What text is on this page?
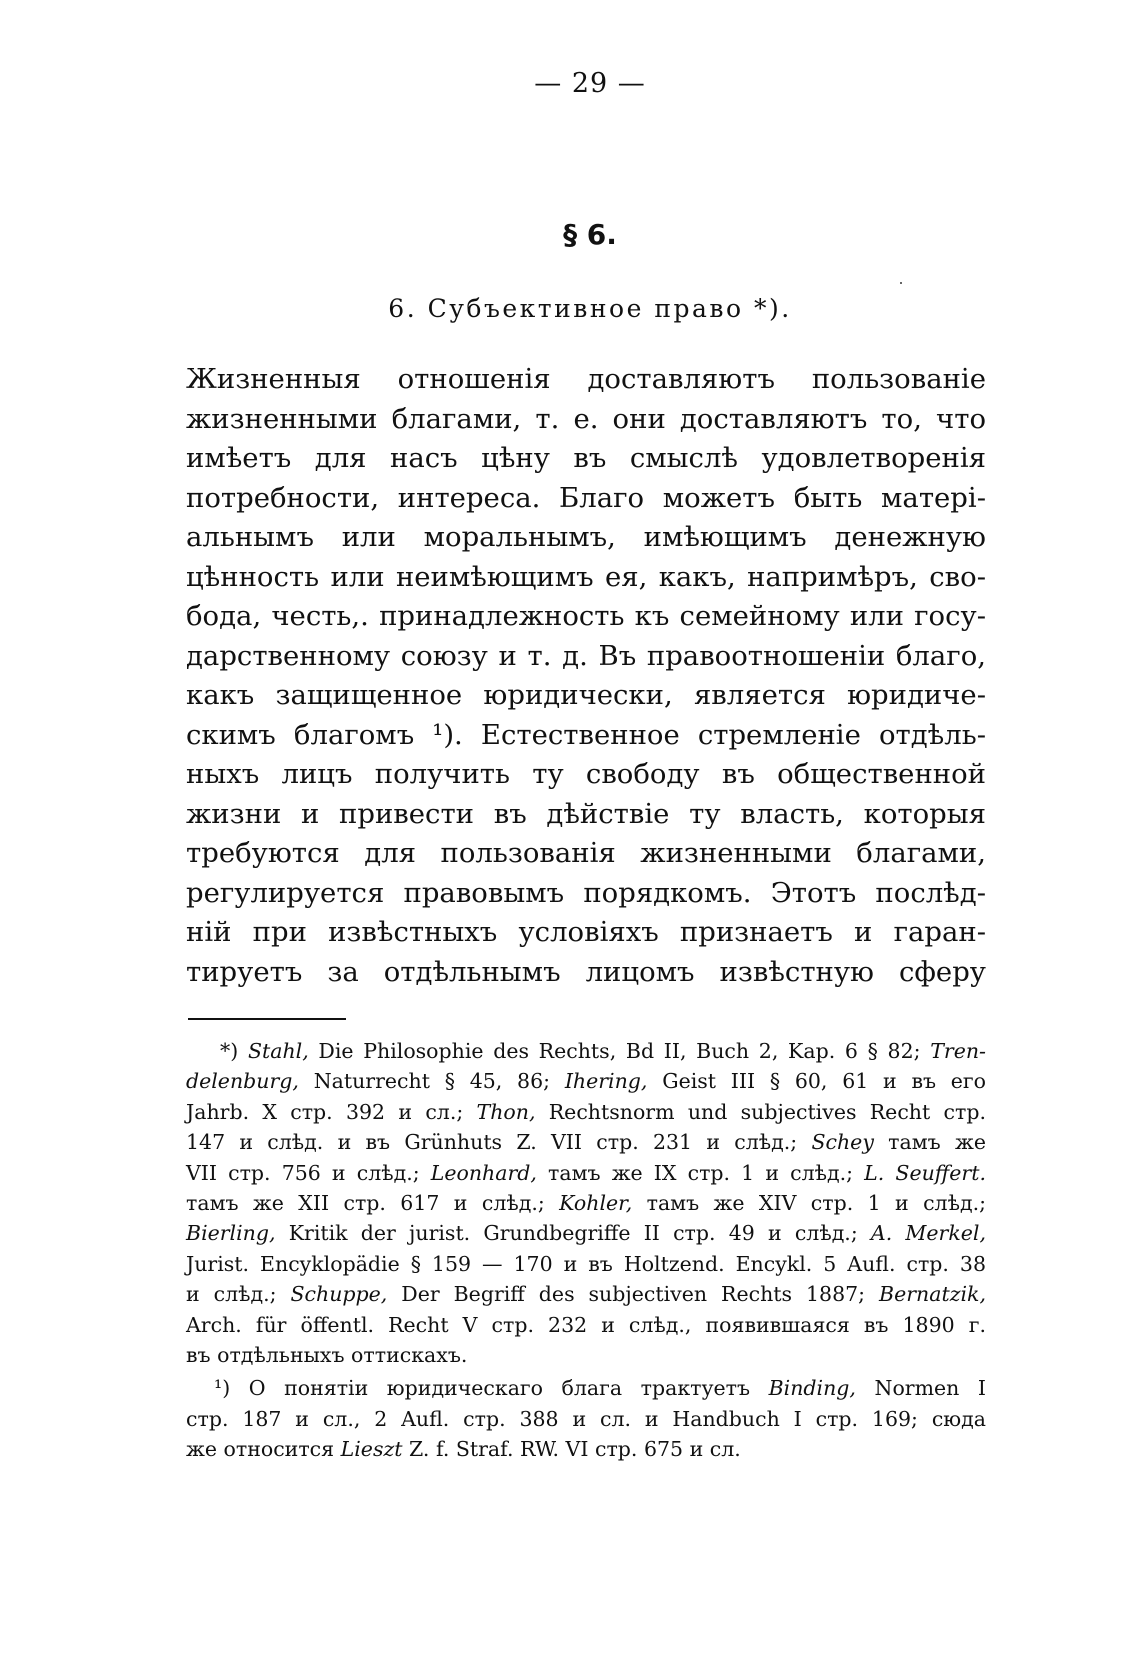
— 29 —
§ 6.
6. Субъективное право *).
Жизненныя отношенія доставляютъ пользованіе
жизненными благами, т. е. они доставляютъ то, что
имѣетъ для насъ цѣну въ смыслѣ удовлетворенія
потребности, интереса. Благо можетъ быть матері-
альнымъ или моральнымъ, имѣющимъ денежную
цѣнность или неимѣющимъ ея, какъ, напримѣръ, сво-
бода, честь,. принадлежность къ семейному или госу-
дарственному союзу и т. д. Въ правоотношеніи благо,
какъ защищенное юридически, является юридиче-
скимъ благомъ ¹). Естественное стремленіе отдѣль-
ныхъ лицъ получить ту свободу въ общественной
жизни и привести въ дѣйствіе ту власть, которыя
требуются для пользованія жизненными благами,
регулируется правовымъ порядкомъ. Этотъ послѣд-
ній при извѣстныхъ условіяхъ признаетъ и гаран-
тируетъ за отдѣльнымъ лицомъ извѣстную сферу
*) Stahl, Die Philosophie des Rechts, Bd II, Buch 2, Kap. 6 § 82; Tren-
delenburg, Naturrecht § 45, 86; Ihering, Geist III § 60, 61 и въ его
Jahrb. X стр. 392 и сл.; Thon, Rechtsnorm und subjectives Recht стр.
147 и слѣд. и въ Grünhuts Z. VII стр. 231 и слѣд.; Schey тамъ же
VII стр. 756 и слѣд.; Leonhard, тамъ же IX стр. 1 и слѣд.; L. Seuffert.
тамъ же XII стр. 617 и слѣд.; Kohler, тамъ же XIV стр. 1 и слѣд.;
Bierling, Kritik der jurist. Grundbegriffe II стр. 49 и слѣд.; A. Merkel,
Jurist. Encyklopädie § 159 — 170 и въ Holtzend. Encykl. 5 Aufl. стр. 38
и слѣд.; Schuppe, Der Begriff des subjectiven Rechts 1887; Bernatzik,
Arch. für öffentl. Recht V стр. 232 и слѣд., появившаяся въ 1890 г.
въ отдѣльныхъ оттискахъ.
¹) О понятіи юридическаго блага трактуетъ Binding, Normen I
стр. 187 и сл., 2 Aufl. стр. 388 и сл. и Handbuch I стр. 169; сюда
же относится Lieszt Z. f. Straf. RW. VI стр. 675 и сл.
